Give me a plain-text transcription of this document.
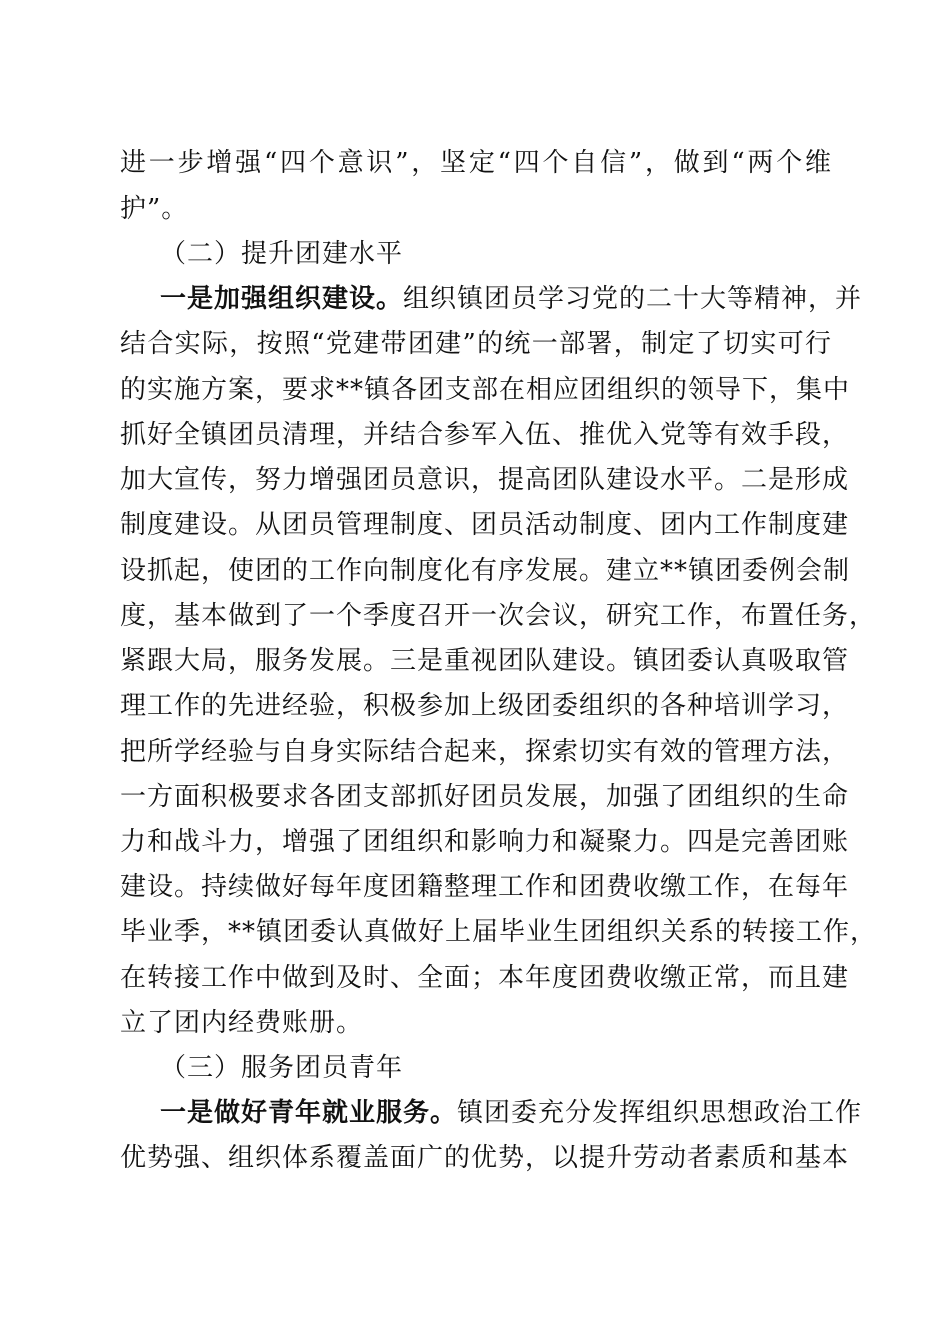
进一步增强“四个意识”，坚定“四个自信”，做到“两个维
护”。
（二）提升团建水平
一是加强组织建设。组织镇团员学习党的二十大等精神，并
结合实际，按照“党建带团建”的统一部署，制定了切实可行
的实施方案，要求**镇各团支部在相应团组织的领导下，集中
抓好全镇团员清理，并结合参军入伍、推优入党等有效手段，
加大宣传，努力增强团员意识，提高团队建设水平。二是形成
制度建设。从团员管理制度、团员活动制度、团内工作制度建
设抓起，使团的工作向制度化有序发展。建立**镇团委例会制
度，基本做到了一个季度召开一次会议，研究工作，布置任务，
紧跟大局，服务发展。三是重视团队建设。镇团委认真吸取管
理工作的先进经验，积极参加上级团委组织的各种培训学习，
把所学经验与自身实际结合起来，探索切实有效的管理方法，
一方面积极要求各团支部抓好团员发展，加强了团组织的生命
力和战斗力，增强了团组织和影响力和凝聚力。四是完善团账
建设。持续做好每年度团籍整理工作和团费收缴工作，在每年
毕业季，**镇团委认真做好上届毕业生团组织关系的转接工作，
在转接工作中做到及时、全面；本年度团费收缴正常，而且建
立了团内经费账册。
（三）服务团员青年
一是做好青年就业服务。镇团委充分发挥组织思想政治工作
优势强、组织体系覆盖面广的优势，以提升劳动者素质和基本
